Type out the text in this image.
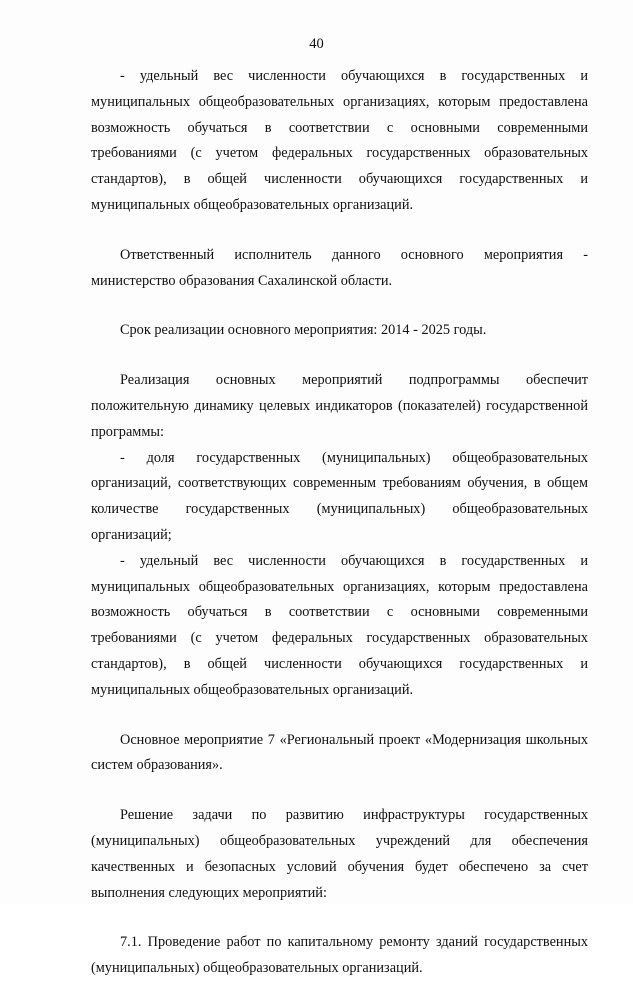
40

- удельный вес численности обучающихся в государственных и муниципальных общеобразовательных организациях, которым предоставлена возможность обучаться в соответствии с основными современными требованиями (с учетом федеральных государственных образовательных стандартов), в общей численности обучающихся государственных и муниципальных общеобразовательных организаций.

Ответственный исполнитель данного основного мероприятия - министерство образования Сахалинской области.

Срок реализации основного мероприятия: 2014 - 2025 годы.

Реализация основных мероприятий подпрограммы обеспечит положительную динамику целевых индикаторов (показателей) государственной программы:

- доля государственных (муниципальных) общеобразовательных организаций, соответствующих современным требованиям обучения, в общем количестве государственных (муниципальных) общеобразовательных организаций;

- удельный вес численности обучающихся в государственных и муниципальных общеобразовательных организациях, которым предоставлена возможность обучаться в соответствии с основными современными требованиями (с учетом федеральных государственных образовательных стандартов), в общей численности обучающихся государственных и муниципальных общеобразовательных организаций.

Основное мероприятие 7 «Региональный проект «Модернизация школьных систем образования».

Решение задачи по развитию инфраструктуры государственных (муниципальных) общеобразовательных учреждений для обеспечения качественных и безопасных условий обучения будет обеспечено за счет выполнения следующих мероприятий:

7.1. Проведение работ по капитальному ремонту зданий государственных (муниципальных) общеобразовательных организаций.
